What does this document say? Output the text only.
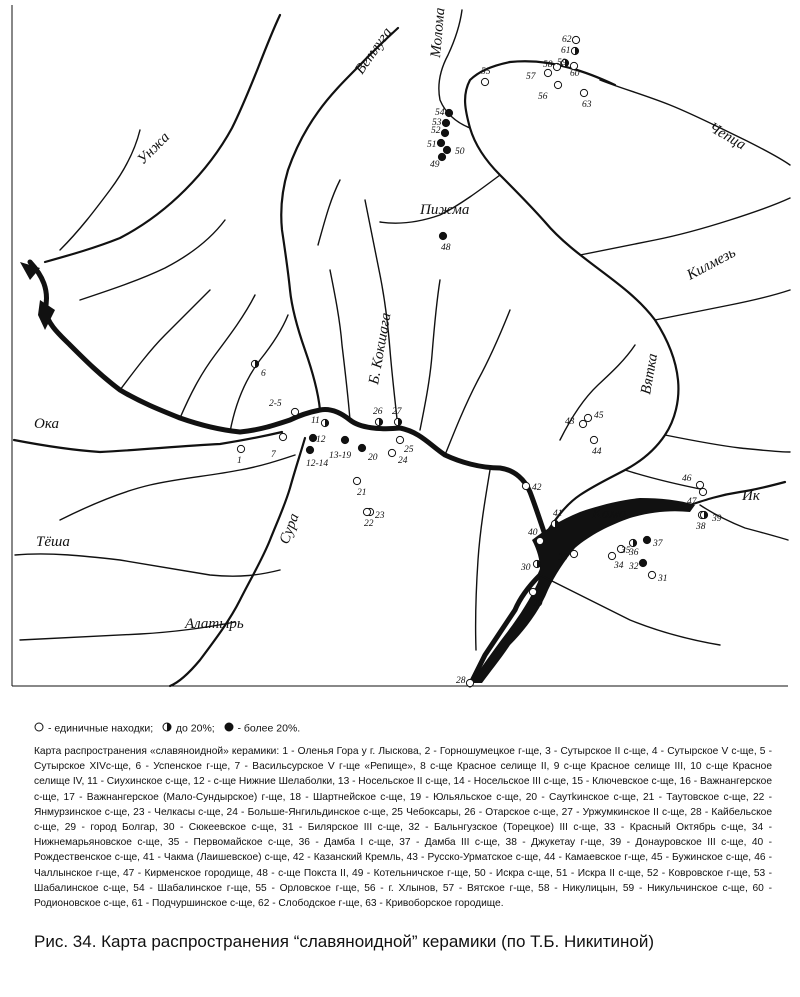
Ветлуга
Унжа
Молома
Чепца
Пижма
Килмезь
Вятка
Б. Кокшага
Ока
Сура
Тёша
Алатырь
Кама
Ик
1
2-5
6
7
11
12
12-14
13-19 20
21
22
23
24
25
26 27
28
29
30
31
32
33
34
35
36
37
38
39
40
41
42
43
44
45
46
47
48
49
50
51
52
53
54
55
56
57
58 59
60
61
62
63
- единичные находки; до 20%; - более 20%.
Карта распространения «славяноидной» керамики: 1 - Оленья Гора у г. Лыскова, 2 - Горношумецкое г-ще, 3 - Сутырское II с-ще, 4 - Сутырское V с-ще, 5 - Сутырское XIVс-ще, 6 - Успенское г-ще, 7 - Васильсурское V г-ще «Репище», 8 с-ще Красное селище II, 9 с-ще Красное селище III, 10 с-ще Красное селище IV, 11 - Сиухинское с-ще, 12 - с-ще Нижние Шелаболки, 13 - Носельское II с-ще, 14 - Носельское III с-ще, 15 - Ключевское с-ще, 16 - Важнангерское с-ще, 17 - Важнангерское (Мало-Сундырское) г-ще, 18 - Шартнейское с-ще, 19 - Юльяльское с-ще, 20 - Саутkинское с-ще, 21 - Таутовское с-ще, 22 - Янмурзинское с-ще, 23 - Челкасы с-ще, 24 - Больше-Янгильдинское с-ще, 25 Чебоксары, 26 - Отарское с-ще, 27 - Уржумкинское II с-ще, 28 - Кайбельское с-ще, 29 - город Болгар, 30 - Сюкеевское с-ще, 31 - Билярское III с-ще, 32 - Бальнгузское (Торецкое) III с-ще, 33 - Красный Октябрь с-ще, 34 - Нижнемарьяновское с-ще, 35 - Первомайское с-ще, 36 - Дамба I с-ще, 37 - Дамба III с-ще, 38 - Джукетау г-ще, 39 - Донауровское III с-ще, 40 - Рождественское с-ще, 41 - Чакма (Лаишевское) с-ще, 42 - Казанский Кремль, 43 - Русско-Урматское с-ще, 44 - Камаевское г-ще, 45 - Бужинское с-ще, 46 - Чаллынское г-ще, 47 - Кирменское городище, 48 - с-ще Покста II, 49 - Котельничское г-ще, 50 - Искра с-ще, 51 - Искра II с-ще, 52 - Ковровское г-ще, 53 - Шабалинское с-ще, 54 - Шабалинское г-ще, 55 - Орловское г-ще, 56 - г. Хлынов, 57 - Вятское г-ще, 58 - Никулицын, 59 - Никульчинское с-ще, 60 - Родионовское с-ще, 61 - Подчуршинское с-ще, 62 - Слободское г-ще, 63 - Кривоборское городище.
Рис. 34. Карта распространения “славяноидной” керамики (по Т.Б. Никитиной)
